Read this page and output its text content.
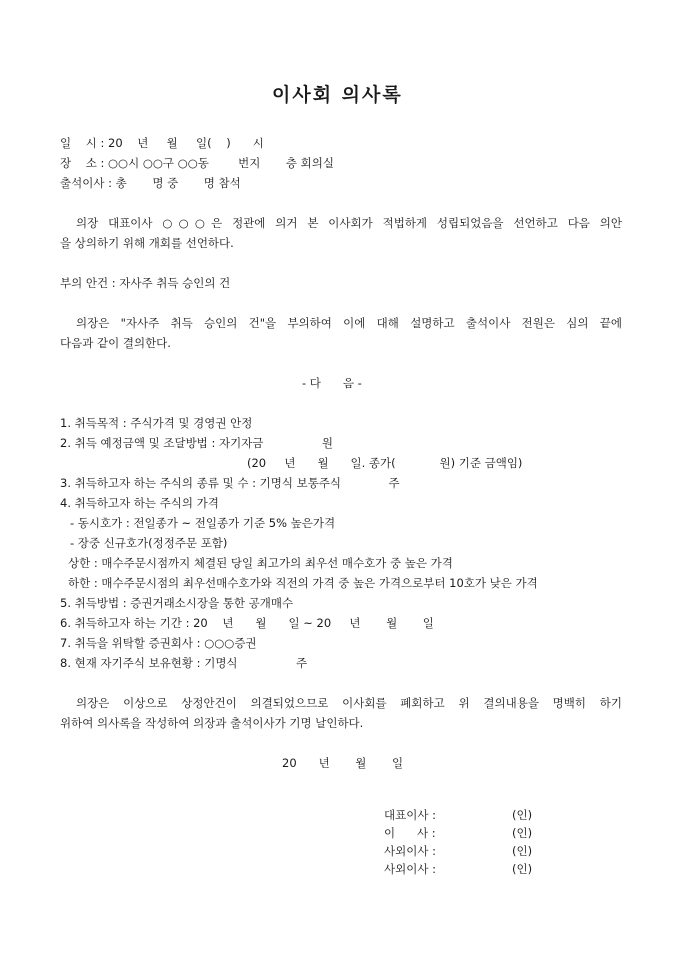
이사회 의사록
일    시 : 20    년     월     일(    )      시
장    소 : ○○시 ○○구 ○○동        번지       층 회의실
출석이사 : 총       명 중       명 참석
의장 대표이사 ○○○은 정관에 의거 본 이사회가 적법하게 성립되었음을 선언하고 다음 의안
을 상의하기 위해 개회를 선언하다.
부의 안건 : 자사주 취득 승인의 건
의장은 "자사주 취득 승인의 건"을 부의하여 이에 대해 설명하고 출석이사 전원은 심의 끝에
다음과 같이 결의한다.
- 다      음 -
1. 취득목적 : 주식가격 및 경영권 안정
2. 취득 예정금액 및 조달방법 : 자기자금                원
(20     년      월      일. 종가(            원) 기준 금액임)
3. 취득하고자 하는 주식의 종류 및 수 : 기명식 보통주식             주
4. 취득하고자 하는 주식의 가격
- 동시호가 : 전일종가 ~ 전일종가 기준 5% 높은가격
- 장중 신규호가(정정주문 포함)
상한 : 매수주문시점까지 체결된 당일 최고가의 최우선 매수호가 중 높은 가격
하한 : 매수주문시점의 최우선매수호가와 직전의 가격 중 높은 가격으로부터 10호가 낮은 가격
5. 취득방법 : 증권거래소시장을 통한 공개매수
6. 취득하고자 하는 기간 : 20    년      월      일 ~ 20     년       월       일
7. 취득을 위탁할 증권회사 : ○○○증권
8. 현재 자기주식 보유현황 : 기명식                주
의장은 이상으로 상정안건이 의결되었으므로 이사회를 폐회하고 위 결의내용을 명백히 하기
위하여 의사록을 작성하여 의장과 출석이사가 기명 날인하다.
20      년       월       일
대표이사 :	(인)
이      사 :	(인)
사외이사 :	(인)
사외이사 :	(인)
